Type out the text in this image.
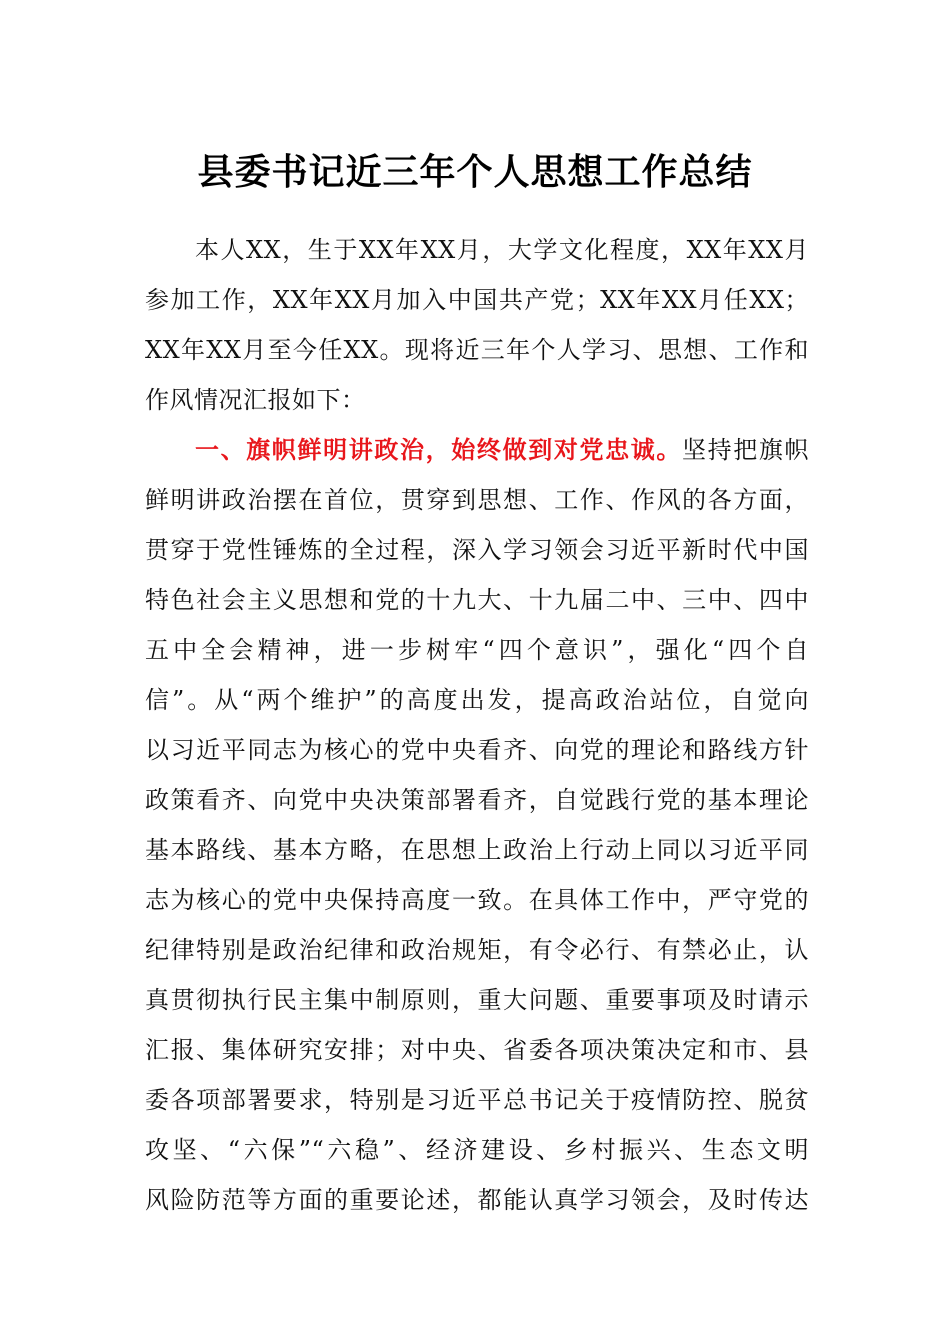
县委书记近三年个人思想工作总结
本人XX，生于XX年XX月，大学文化程度，XX年XX月
参加工作，XX年XX月加入中国共产党；XX年XX月任XX；
XX年XX月至今任XX。现将近三年个人学习、思想、工作和
作风情况汇报如下：
一、旗帜鲜明讲政治，始终做到对党忠诚。坚持把旗帜
鲜明讲政治摆在首位，贯穿到思想、工作、作风的各方面，
贯穿于党性锤炼的全过程，深入学习领会习近平新时代中国
特色社会主义思想和党的十九大、十九届二中、三中、四中
五中全会精神，进一步树牢“四个意识”，强化“四个自
信”。从“两个维护”的高度出发，提高政治站位，自觉向
以习近平同志为核心的党中央看齐、向党的理论和路线方针
政策看齐、向党中央决策部署看齐，自觉践行党的基本理论
基本路线、基本方略，在思想上政治上行动上同以习近平同
志为核心的党中央保持高度一致。在具体工作中，严守党的
纪律特别是政治纪律和政治规矩，有令必行、有禁必止，认
真贯彻执行民主集中制原则，重大问题、重要事项及时请示
汇报、集体研究安排；对中央、省委各项决策决定和市、县
委各项部署要求，特别是习近平总书记关于疫情防控、脱贫
攻坚、“六保”“六稳”、经济建设、乡村振兴、生态文明
风险防范等方面的重要论述，都能认真学习领会，及时传达
